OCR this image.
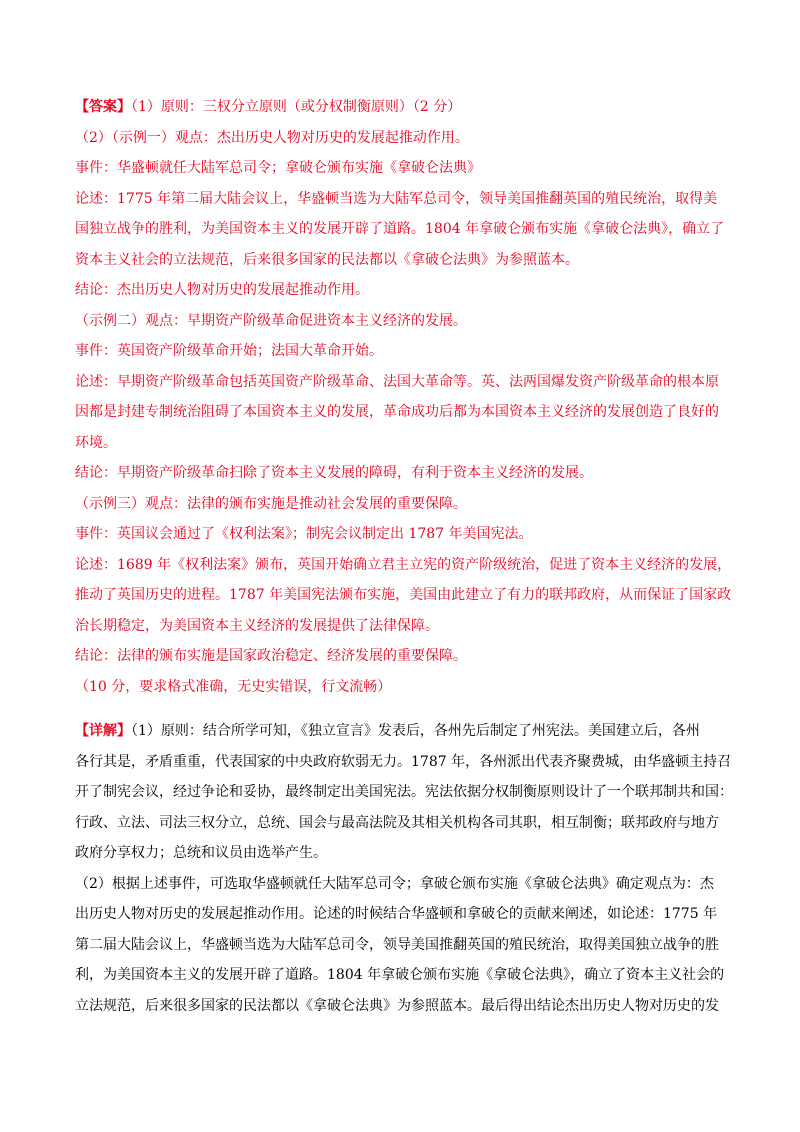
【答案】（1）原则：三权分立原则（或分权制衡原则）（2 分）
（2）（示例一）观点：杰出历史人物对历史的发展起推动作用。
事件：华盛顿就任大陆军总司令；拿破仑颁布实施《拿破仑法典》
论述：1775 年第二届大陆会议上，华盛顿当选为大陆军总司令，领导美国推翻英国的殖民统治，取得美
国独立战争的胜利，为美国资本主义的发展开辟了道路。1804 年拿破仑颁布实施《拿破仑法典》，确立了
资本主义社会的立法规范，后来很多国家的民法都以《拿破仑法典》为参照蓝本。
结论：杰出历史人物对历史的发展起推动作用。
（示例二）观点：早期资产阶级革命促进资本主义经济的发展。
事件：英国资产阶级革命开始；法国大革命开始。
论述：早期资产阶级革命包括英国资产阶级革命、法国大革命等。英、法两国爆发资产阶级革命的根本原
因都是封建专制统治阻碍了本国资本主义的发展，革命成功后都为本国资本主义经济的发展创造了良好的
环境。
结论：早期资产阶级革命扫除了资本主义发展的障碍，有利于资本主义经济的发展。
（示例三）观点：法律的颁布实施是推动社会发展的重要保障。
事件：英国议会通过了《权利法案》；制宪会议制定出 1787 年美国宪法。
论述：1689 年《权利法案》颁布，英国开始确立君主立宪的资产阶级统治，促进了资本主义经济的发展，
推动了英国历史的进程。1787 年美国宪法颁布实施，美国由此建立了有力的联邦政府，从而保证了国家政
治长期稳定，为美国资本主义经济的发展提供了法律保障。
结论：法律的颁布实施是国家政治稳定、经济发展的重要保障。
（10 分，要求格式准确，无史实错误，行文流畅）
【详解】（1）原则：结合所学可知，《独立宣言》发表后，各州先后制定了州宪法。美国建立后，各州
各行其是，矛盾重重，代表国家的中央政府软弱无力。1787 年，各州派出代表齐聚费城，由华盛顿主持召
开了制宪会议，经过争论和妥协，最终制定出美国宪法。宪法依据分权制衡原则设计了一个联邦制共和国：
行政、立法、司法三权分立，总统、国会与最高法院及其相关机构各司其职，相互制衡；联邦政府与地方
政府分享权力；总统和议员由选举产生。
（2）根据上述事件，可选取华盛顿就任大陆军总司令；拿破仑颁布实施《拿破仑法典》确定观点为：杰
出历史人物对历史的发展起推动作用。论述的时候结合华盛顿和拿破仑的贡献来阐述，如论述：1775 年
第二届大陆会议上，华盛顿当选为大陆军总司令，领导美国推翻英国的殖民统治，取得美国独立战争的胜
利，为美国资本主义的发展开辟了道路。1804 年拿破仑颁布实施《拿破仑法典》，确立了资本主义社会的
立法规范，后来很多国家的民法都以《拿破仑法典》为参照蓝本。最后得出结论杰出历史人物对历史的发
